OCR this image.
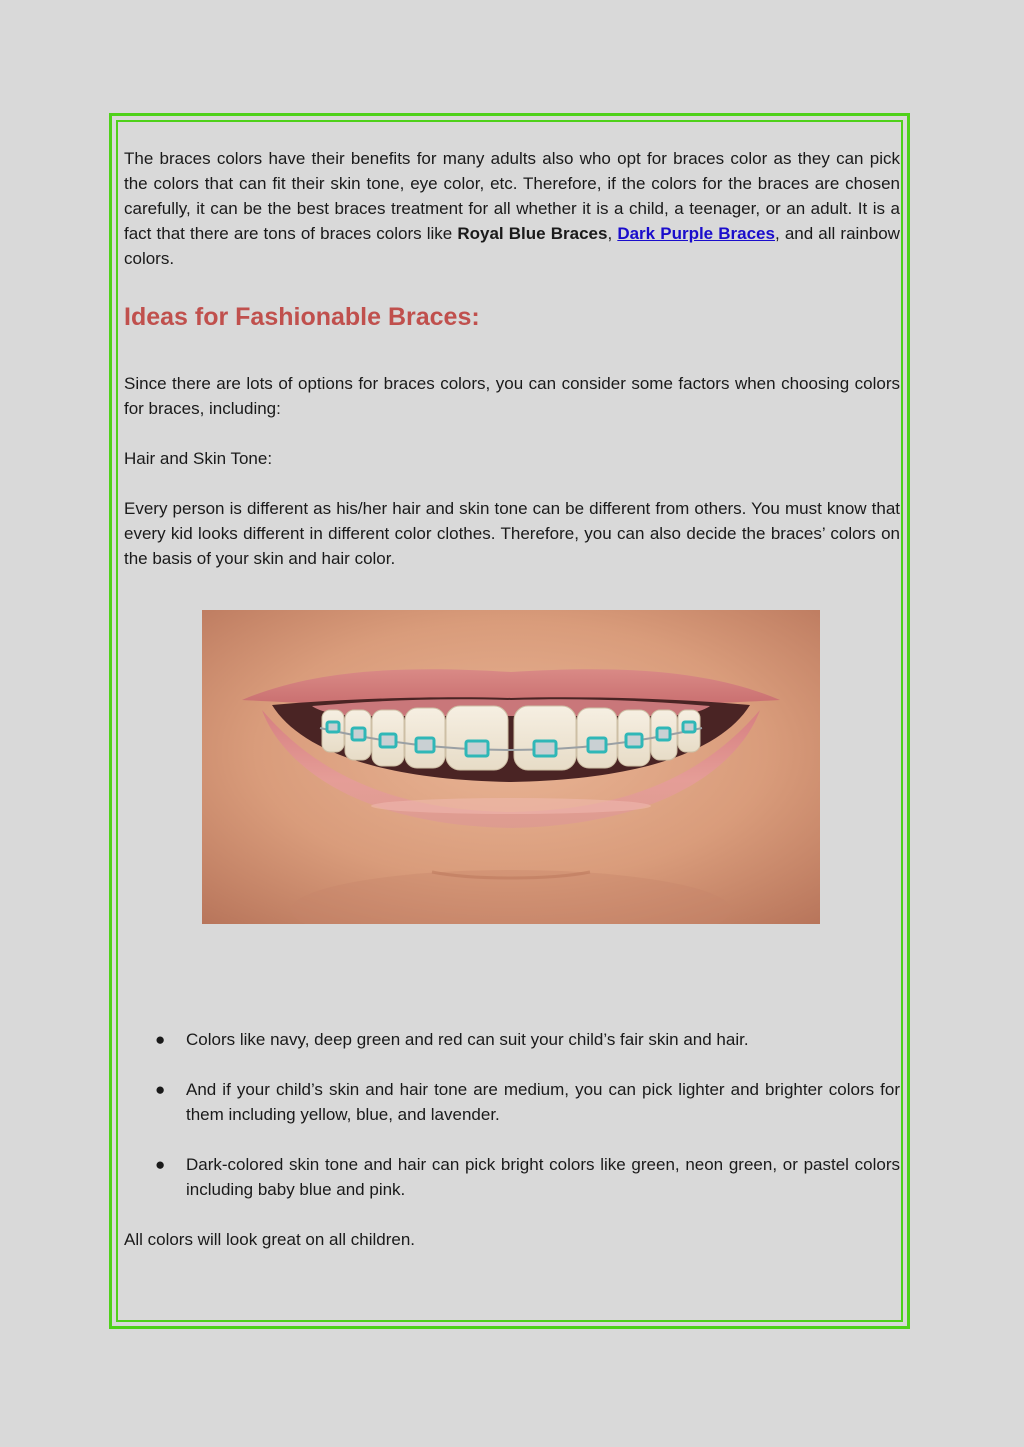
The braces colors have their benefits for many adults also who opt for braces color as they can pick the colors that can fit their skin tone, eye color, etc. Therefore, if the colors for the braces are chosen carefully, it can be the best braces treatment for all whether it is a child, a teenager, or an adult. It is a fact that there are tons of braces colors like Royal Blue Braces, Dark Purple Braces, and all rainbow colors.

Ideas for Fashionable Braces:

Since there are lots of options for braces colors, you can consider some factors when choosing colors for braces, including:

Hair and Skin Tone:

Every person is different as his/her hair and skin tone can be different from others. You must know that every kid looks different in different color clothes. Therefore, you can also decide the braces’ colors on the basis of your skin and hair color.

● Colors like navy, deep green and red can suit your child’s fair skin and hair.
● And if your child’s skin and hair tone are medium, you can pick lighter and brighter colors for them including yellow, blue, and lavender.
● Dark-colored skin tone and hair can pick bright colors like green, neon green, or pastel colors including baby blue and pink.

All colors will look great on all children.
